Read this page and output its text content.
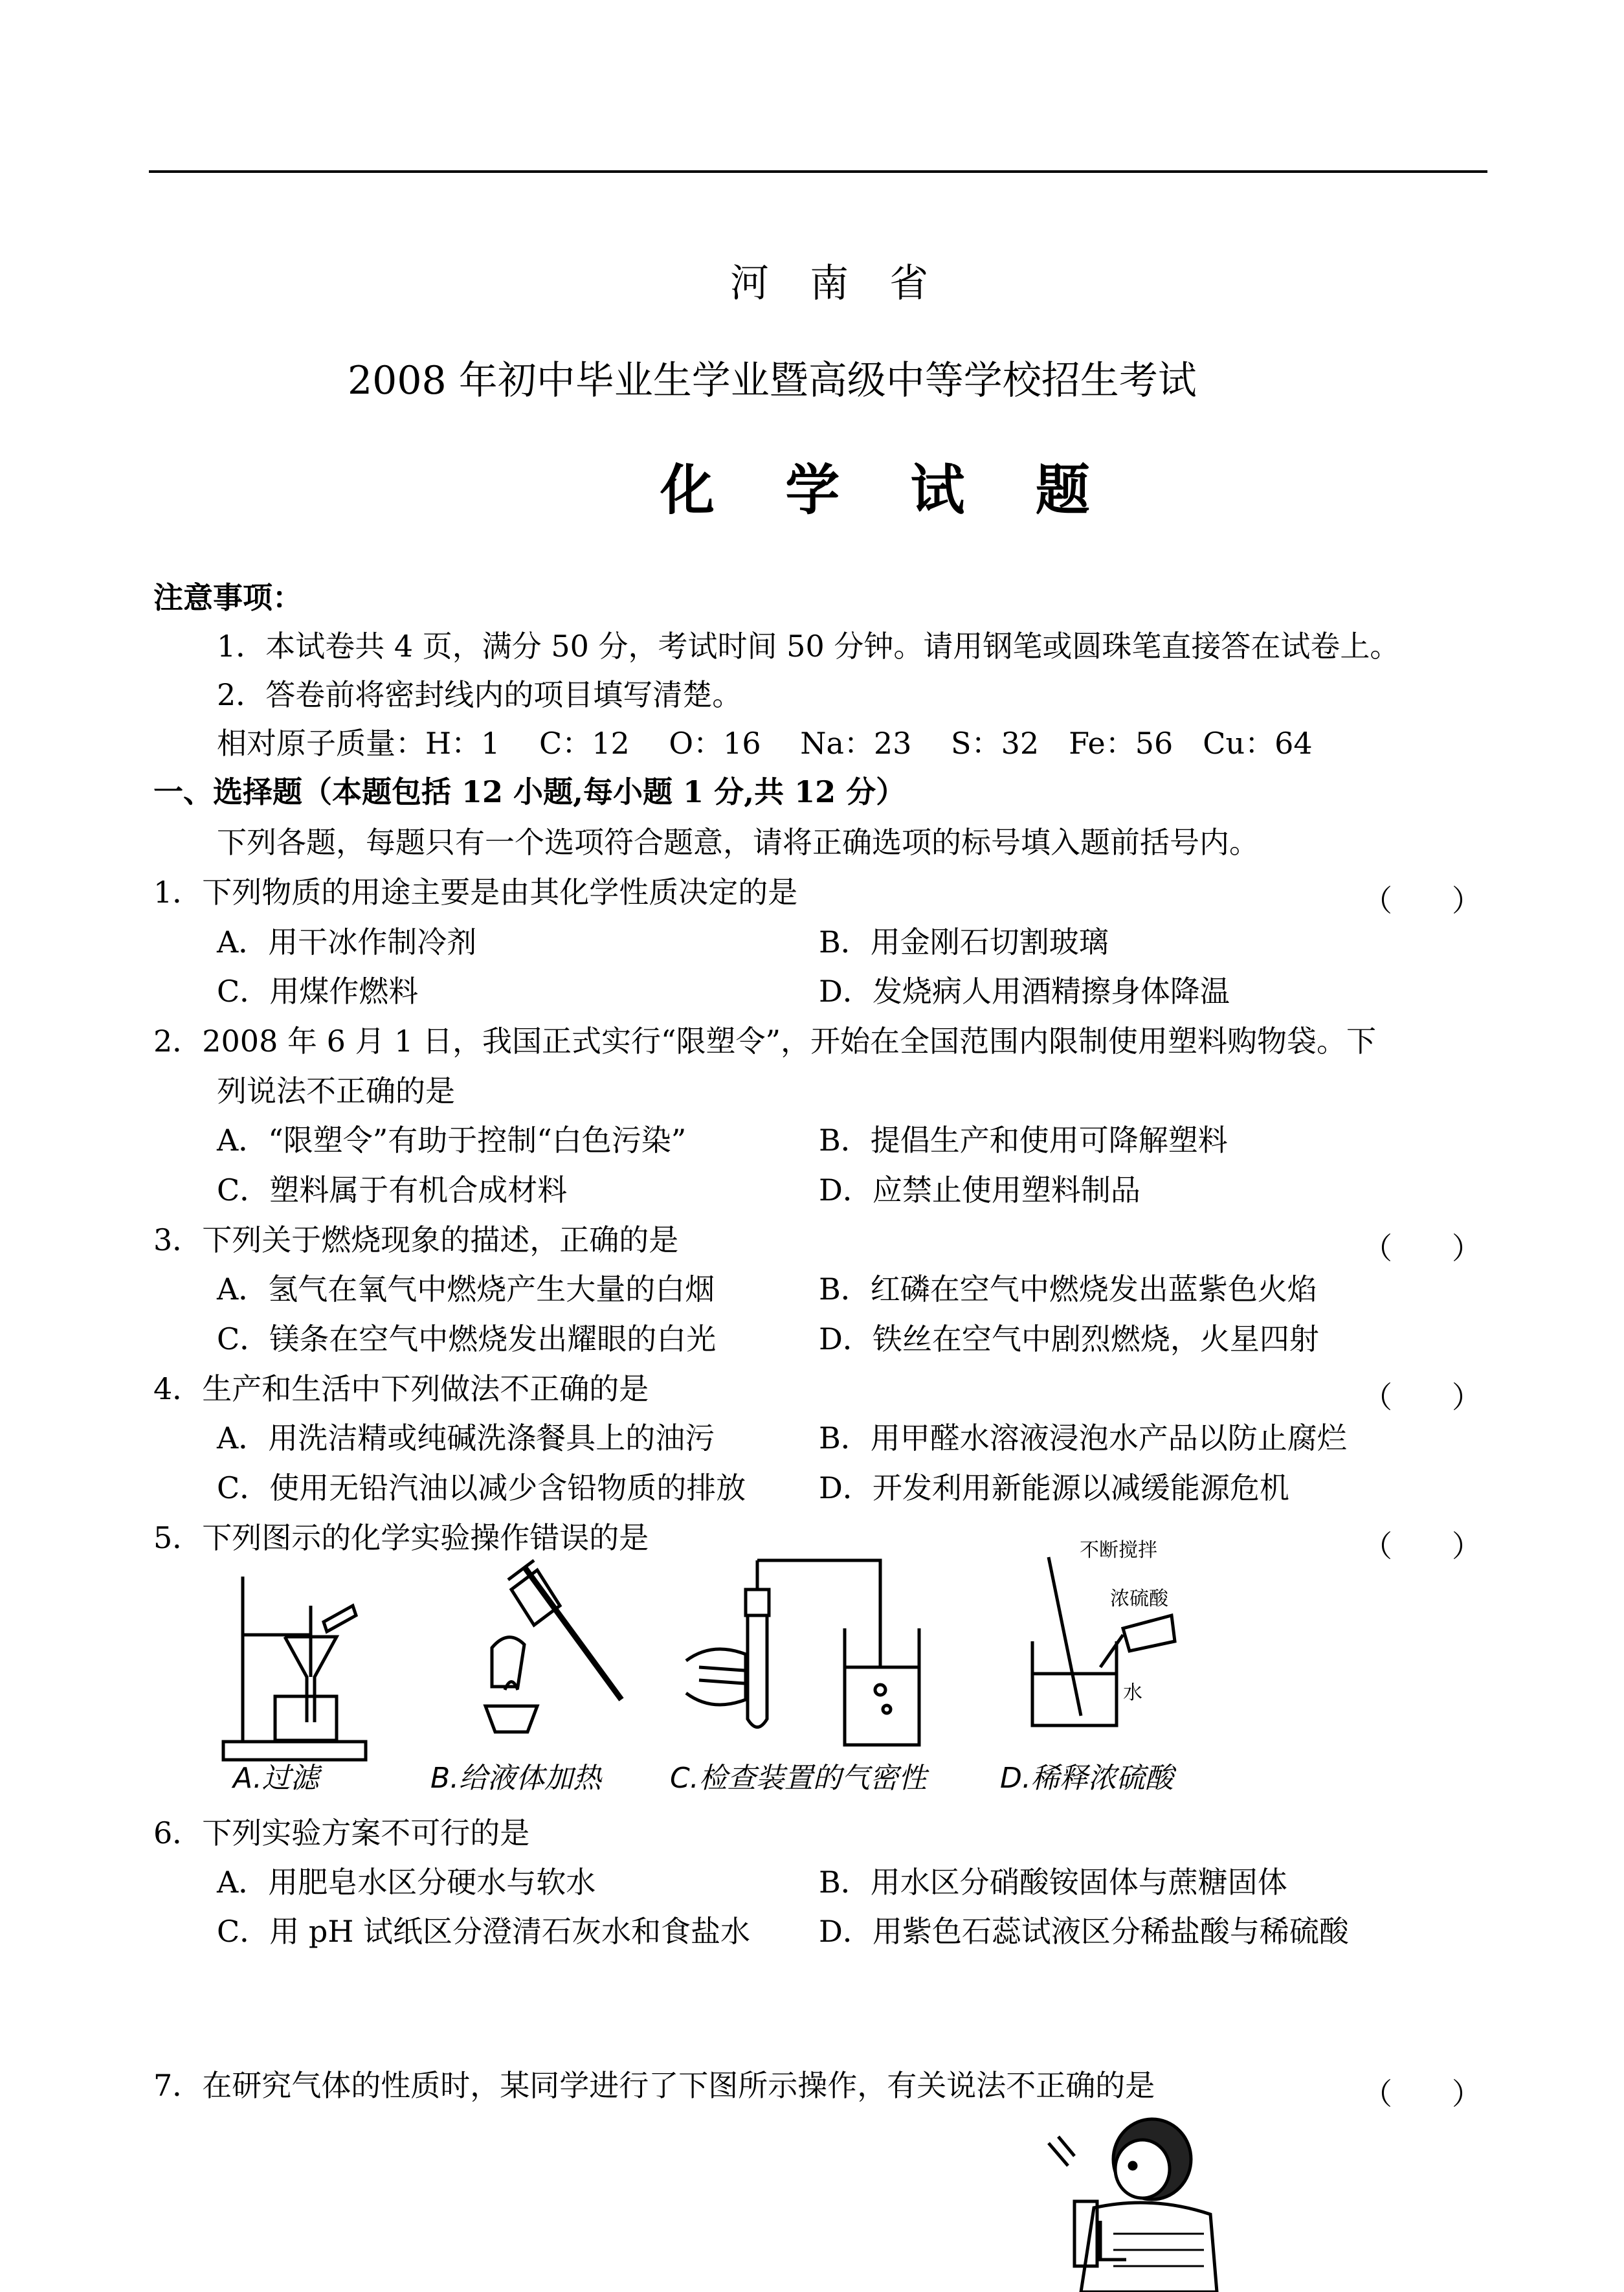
河 南 省
2008 年初中毕业生学业暨高级中等学校招生考试
化 学 试 题
注意事项：
1．本试卷共 4 页，满分 50 分，考试时间 50 分钟。请用钢笔或圆珠笔直接答在试卷上。
2．答卷前将密封线内的项目填写清楚。
相对原子质量：H：1　 C：12　 O：16　 Na：23　 S：32　Fe：56　Cu：64
一、选择题（本题包括 12 小题,每小题 1 分,共 12 分）
下列各题，每题只有一个选项符合题意，请将正确选项的标号填入题前括号内。
1．下列物质的用途主要是由其化学性质决定的是	（　　）
A．用干冰作制冷剂	B．用金刚石切割玻璃
C．用煤作燃料	D．发烧病人用酒精擦身体降温
2．2008 年 6 月 1 日，我国正式实行“限塑令”，开始在全国范围内限制使用塑料购物袋。下
列说法不正确的是
A．“限塑令”有助于控制“白色污染”	B．提倡生产和使用可降解塑料
C．塑料属于有机合成材料	D．应禁止使用塑料制品
3．下列关于燃烧现象的描述，正确的是	（　　）
A．氢气在氧气中燃烧产生大量的白烟	B．红磷在空气中燃烧发出蓝紫色火焰
C．镁条在空气中燃烧发出耀眼的白光	D．铁丝在空气中剧烈燃烧，火星四射
4．生产和生活中下列做法不正确的是	（　　）
A．用洗洁精或纯碱洗涤餐具上的油污	B．用甲醛水溶液浸泡水产品以防止腐烂
C．使用无铅汽油以减少含铅物质的排放 D．开发利用新能源以减缓能源危机
5．下列图示的化学实验操作错误的是	（　　）
A.过滤	B.给液体加热 C.检查装置的气密性
不断搅拌
浓硫酸
水
D.稀释浓硫酸
6．下列实验方案不可行的是
A．用肥皂水区分硬水与软水	B．用水区分硝酸铵固体与蔗糖固体
C．用 pH 试纸区分澄清石灰水和食盐水 D．用紫色石蕊试液区分稀盐酸与稀硫酸
7．在研究气体的性质时，某同学进行了下图所示操作，有关说法不正确的是	（　　）
